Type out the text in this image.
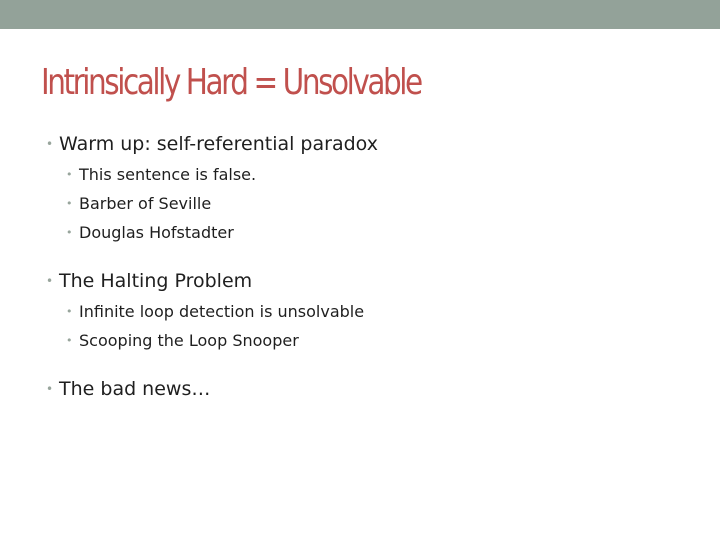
Intrinsically Hard = Unsolvable
• Warm up: self-referential paradox
• This sentence is false.
• Barber of Seville
• Douglas Hofstadter
• The Halting Problem
• Infinite loop detection is unsolvable
• Scooping the Loop Snooper
• The bad news…
